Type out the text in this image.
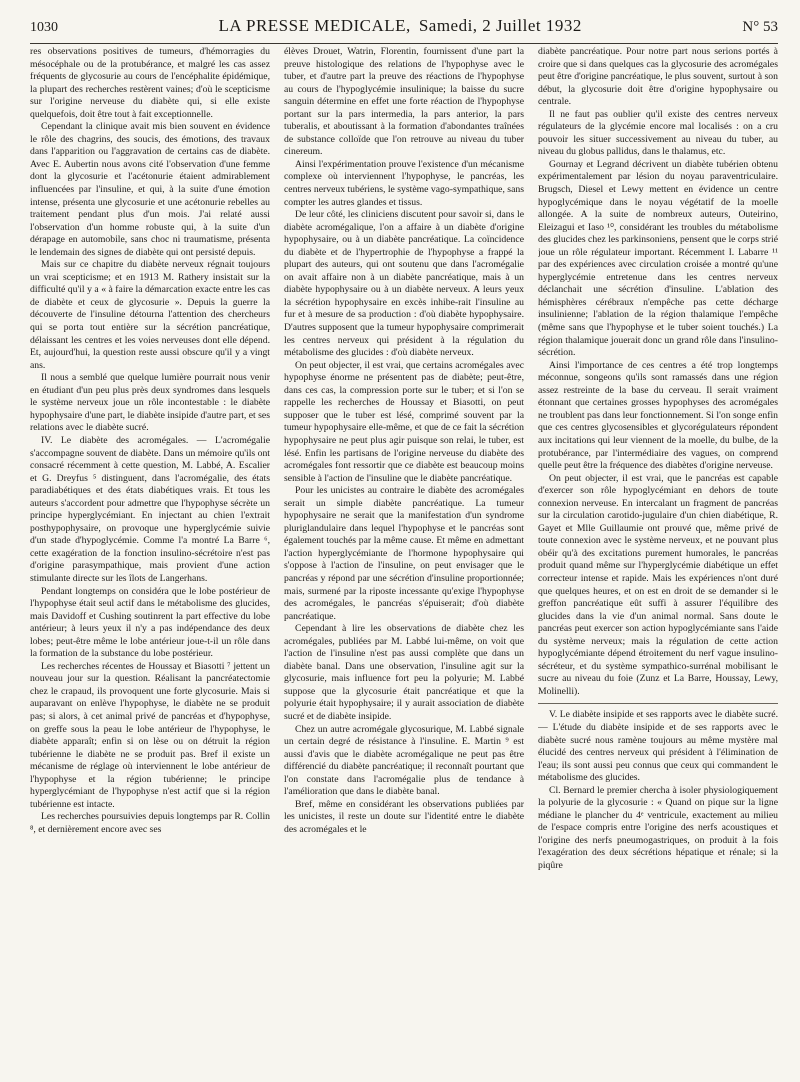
1030	LA PRESSE MEDICALE, Samedi, 2 Juillet 1932	N° 53

res observations positives de tumeurs, d'hémorragies du mésocéphale ou de la protubérance, et malgré les cas assez fréquents de glycosurie au cours de l'encéphalite épidémique, la plupart des recherches restèrent vaines; d'où le scepticisme sur l'origine nerveuse du diabète qui, si elle existe quelquefois, doit être tout à fait exceptionnelle.

Cependant la clinique avait mis bien souvent en évidence le rôle des chagrins, des soucis, des émotions, des travaux dans l'apparition ou l'aggravation de certains cas de diabète. Avec E. Aubertin nous avons cité l'observation d'une femme dont la glycosurie et l'acétonurie étaient admirablement influencées par l'insuline, et qui, à la suite d'une émotion intense, présenta une glycosurie et une acétonurie rebelles au traitement pendant plus d'un mois. J'ai relaté aussi l'observation d'un homme robuste qui, à la suite d'un dérapage en automobile, sans choc ni traumatisme, présenta le lendemain des signes de diabète qui ont persisté depuis.

Mais sur ce chapitre du diabète nerveux régnait toujours un vrai scepticisme; et en 1913 M. Rathery insistait sur la difficulté qu'il y a « à faire la démarcation exacte entre les cas de diabète et ceux de glycosurie ». Depuis la guerre la découverte de l'insuline détourna l'attention des chercheurs qui se porta tout entière sur la sécrétion pancréatique, délaissant les centres et les voies nerveuses dont elle dépend. Et, aujourd'hui, la question reste aussi obscure qu'il y a vingt ans.

Il nous a semblé que quelque lumière pourrait nous venir en étudiant d'un peu plus près deux syndromes dans lesquels le système nerveux joue un rôle incontestable : le diabète hypophysaire d'une part, le diabète insipide d'autre part, et ses relations avec le diabète sucré.

IV. Le diabète des acromégales. — L'acromégalie s'accompagne souvent de diabète. Dans un mémoire qu'ils ont consacré récemment à cette question, M. Labbé, A. Escalier et G. Dreyfus ⁵ distinguent, dans l'acromégalie, des états paradiabétiques et des états diabétiques vrais. Et tous les auteurs s'accordent pour admettre que l'hypophyse sécrète un principe hyperglycémiant. En injectant au chien l'extrait posthypophysaire, on provoque une hyperglycémie suivie d'un stade d'hypoglycémie. Comme l'a montré La Barre ⁶, cette exagération de la fonction insulino-sécrétoire n'est pas d'origine parasympathique, mais provient d'une action stimulante directe sur les îlots de Langerhans.

Pendant longtemps on considéra que le lobe postérieur de l'hypophyse était seul actif dans le métabolisme des glucides, mais Davidoff et Cushing soutinrent la part effective du lobe antérieur; à leurs yeux il n'y a pas indépendance des deux lobes; peut-être même le lobe antérieur joue-t-il un rôle dans la formation de la substance du lobe postérieur.

Les recherches récentes de Houssay et Biasotti ⁷ jettent un nouveau jour sur la question. Réalisant la pancréatectomie chez le crapaud, ils provoquent une forte glycosurie. Mais si auparavant on enlève l'hypophyse, le diabète ne se produit pas; si alors, à cet animal privé de pancréas et d'hypophyse, on greffe sous la peau le lobe antérieur de l'hypophyse, le diabète apparaît; enfin si on lèse ou on détruit la région tubérienne le diabète ne se produit pas. Bref il existe un mécanisme de réglage où interviennent le lobe antérieur de l'hypophyse et la région tubérienne; le principe hyperglycémiant de l'hypophyse n'est actif que si la région tubérienne est intacte.

Les recherches poursuivies depuis longtemps par R. Collin ⁸, et dernièrement encore avec ses

élèves Drouet, Watrin, Florentin, fournissent d'une part la preuve histologique des relations de l'hypophyse avec le tuber, et d'autre part la preuve des réactions de l'hypophyse au cours de l'hypoglycémie insulinique; la baisse du sucre sanguin détermine en effet une forte réaction de l'hypophyse portant sur la pars intermedia, la pars anterior, la pars tuberalis, et aboutissant à la formation d'abondantes traînées de substance colloïde que l'on retrouve au niveau du tuber cinereum.

Ainsi l'expérimentation prouve l'existence d'un mécanisme complexe où interviennent l'hypophyse, le pancréas, les centres nerveux tubériens, le système vago-sympathique, sans compter les autres glandes et tissus.

De leur côté, les cliniciens discutent pour savoir si, dans le diabète acromégalique, l'on a affaire à un diabète d'origine hypophysaire, ou à un diabète pancréatique. La coïncidence du diabète et de l'hypertrophie de l'hypophyse a frappé la plupart des auteurs, qui ont soutenu que dans l'acromégalie on avait affaire non à un diabète pancréatique, mais à un diabète hypophysaire ou à un diabète nerveux. A leurs yeux la sécrétion hypophysaire en excès inhibe-rait l'insuline au fur et à mesure de sa production : d'où diabète hypophysaire. D'autres supposent que la tumeur hypophysaire comprimerait les centres nerveux qui président à la régulation du métabolisme des glucides : d'où diabète nerveux.

On peut objecter, il est vrai, que certains acromégales avec hypophyse énorme ne présentent pas de diabète; peut-être, dans ces cas, la compression porte sur le tuber; et si l'on se rappelle les recherches de Houssay et Biasotti, on peut supposer que le tuber est lésé, comprimé souvent par la tumeur hypophysaire elle-même, et que de ce fait la sécrétion hypophysaire ne peut plus agir puisque son relai, le tuber, est lésé. Enfin les partisans de l'origine nerveuse du diabète des acromégales font ressortir que ce diabète est beaucoup moins sensible à l'action de l'insuline que le diabète pancréatique.

Pour les unicistes au contraire le diabète des acromégales serait un simple diabète pancréatique. La tumeur hypophysaire ne serait que la manifestation d'un syndrome pluriglandulaire dans lequel l'hypophyse et le pancréas sont également touchés par la même cause. Et même en admettant l'action hyperglycémiante de l'hormone hypophysaire qui s'oppose à l'action de l'insuline, on peut envisager que le pancréas y répond par une sécrétion d'insuline proportionnée; mais, surmené par la riposte incessante qu'exige l'hypophyse des acromégales, le pancréas s'épuiserait; d'où diabète pancréatique.

Cependant à lire les observations de diabète chez les acromégales, publiées par M. Labbé lui-même, on voit que l'action de l'insuline n'est pas aussi complète que dans un diabète banal. Dans une observation, l'insuline agit sur la glycosurie, mais influence fort peu la polyurie; M. Labbé suppose que la glycosurie était pancréatique et que la polyurie était hypophysaire; il y aurait association de diabète sucré et de diabète insipide.

Chez un autre acromégale glycosurique, M. Labbé signale un certain degré de résistance à l'insuline. E. Martin ⁹ est aussi d'avis que le diabète acromégalique ne peut pas être différencié du diabète pancréatique; il reconnaît pourtant que l'on constate dans l'acromégalie plus de tendance à l'amélioration que dans le diabète banal.

Bref, même en considérant les observations publiées par les unicistes, il reste un doute sur l'identité entre le diabète des acromégales et le

diabète pancréatique. Pour notre part nous serions portés à croire que si dans quelques cas la glycosurie des acromégales peut être d'origine pancréatique, le plus souvent, surtout à son début, la glycosurie doit être d'origine hypophysaire ou centrale.

Il ne faut pas oublier qu'il existe des centres nerveux régulateurs de la glycémie encore mal localisés : on a cru pouvoir les situer successivement au niveau du tuber, au niveau du globus pallidus, dans le thalamus, etc.

Gournay et Legrand décrivent un diabète tubérien obtenu expérimentalement par lésion du noyau paraventriculaire. Brugsch, Diesel et Lewy mettent en évidence un centre hypoglycémique dans le noyau végétatif de la moelle allongée. A la suite de nombreux auteurs, Outeirino, Eleizagui et Iaso ¹⁰, considérant les troubles du métabolisme des glucides chez les parkinsoniens, pensent que le corps strié joue un rôle régulateur important. Récemment I. Labarre ¹¹ par des expériences avec circulation croisée a montré qu'une hyperglycémie entretenue dans les centres nerveux déclanchait une sécrétion d'insuline. L'ablation des hémisphères cérébraux n'empêche pas cette décharge insulinienne; l'ablation de la région thalamique l'empêche (même sans que l'hypophyse et le tuber soient touchés.) La région thalamique jouerait donc un grand rôle dans l'insulino-sécrétion.

Ainsi l'importance de ces centres a été trop longtemps méconnue, songeons qu'ils sont ramassés dans une région assez restreinte de la base du cerveau. Il serait vraiment étonnant que certaines grosses hypophyses des acromégales ne troublent pas dans leur fonctionnement. Si l'on songe enfin que ces centres glycosensibles et glycorégulateurs répondent aux incitations qui leur viennent de la moelle, du bulbe, de la protubérance, par l'intermédiaire des vagues, on comprend quelle peut être la fréquence des diabètes d'origine nerveuse.

On peut objecter, il est vrai, que le pancréas est capable d'exercer son rôle hypoglycémiant en dehors de toute connexion nerveuse. En intercalant un fragment de pancréas sur la circulation carotido-jugulaire d'un chien diabétique, R. Gayet et Mlle Guillaumie ont prouvé que, même privé de toute connexion avec le système nerveux, et ne pouvant plus obéir qu'à des excitations purement humorales, le pancréas produit quand même sur l'hyperglycémie diabétique un effet correcteur intense et rapide. Mais les expériences n'ont duré que quelques heures, et on est en droit de se demander si le greffon pancréatique eût suffi à assurer l'équilibre des glucides dans la vie d'un animal normal. Sans doute le pancréas peut exercer son action hypoglycémiante sans l'aide du système nerveux; mais la régulation de cette action hypoglycémiante dépend étroitement du nerf vague insulino-sécréteur, et du système sympathico-surrénal mobilisant le sucre au niveau du foie (Zunz et La Barre, Houssay, Lewy, Molinelli).

V. Le diabète insipide et ses rapports avec le diabète sucré. — L'étude du diabète insipide et de ses rapports avec le diabète sucré nous ramène toujours au même mystère mal élucidé des centres nerveux qui président à l'élimination de l'eau; ils sont aussi peu connus que ceux qui commandent le métabolisme des glucides.

Cl. Bernard le premier chercha à isoler physiologiquement la polyurie de la glycosurie : « Quand on pique sur la ligne médiane le plancher du 4ᵉ ventricule, exactement au milieu de l'espace compris entre l'origine des nerfs acoustiques et l'origine des nerfs pneumogastriques, on produit à la fois l'exagération des deux sécrétions hépatique et rénale; si la piqûre
